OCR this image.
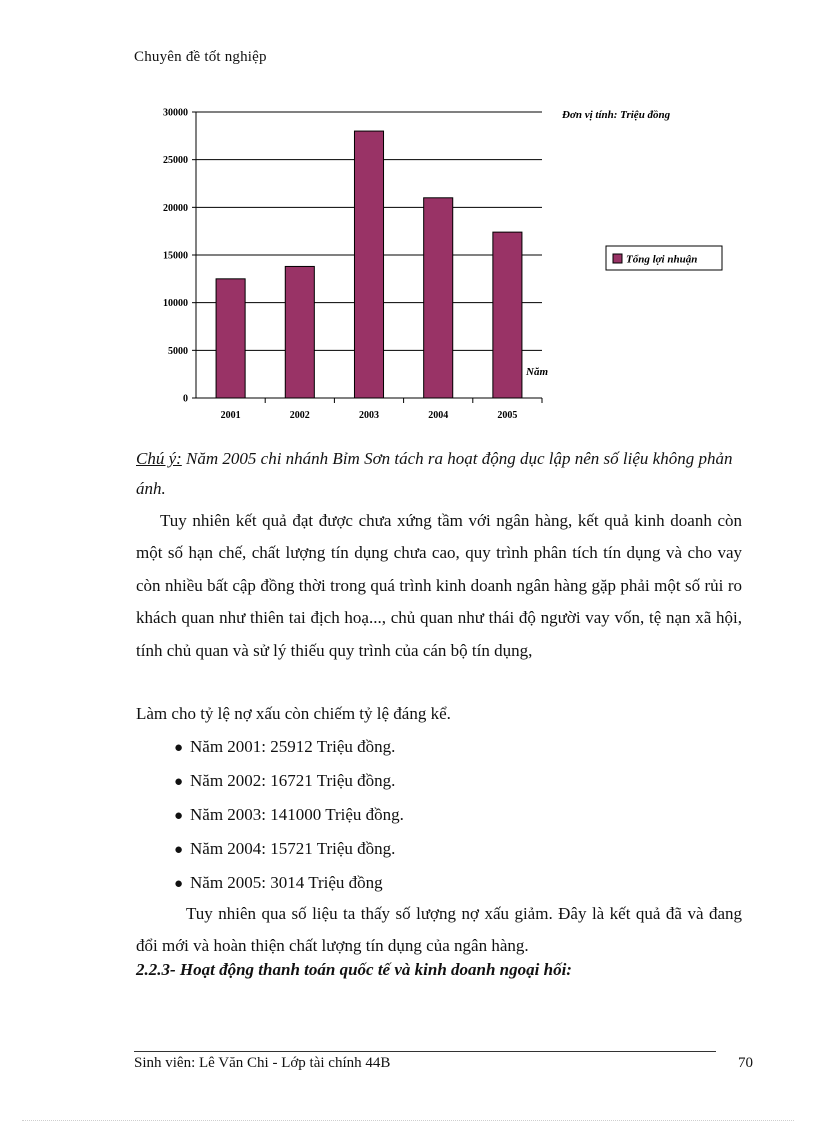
Chuyên đề tốt nghiệp
0
5000
10000
15000
20000
25000
30000
2001	2002	2003	2004	2005
Đơn vị tính: Triệu đồng
Năm
Tổng lợi nhuận
Chú ý: Năm 2005 chi nhánh Bỉm Sơn tách ra hoạt động dục lập nên số liệu không phản ánh.
Tuy nhiên kết quả đạt được chưa xứng tầm với ngân hàng, kết quả kinh doanh còn một số hạn chế, chất lượng tín dụng chưa cao, quy trình phân tích tín dụng và cho vay còn nhiều bất cập đồng thời trong quá trình kinh doanh ngân hàng gặp phải một số rủi ro khách quan như thiên tai địch hoạ..., chủ quan như thái độ người vay vốn, tệ nạn xã hội, tính chủ quan và sử lý thiếu quy trình của cán bộ tín dụng,
Làm cho tỷ lệ nợ xấu còn chiếm tỷ lệ đáng kể.
● Năm 2001: 25912 Triệu đồng.
● Năm 2002: 16721 Triệu đồng.
● Năm 2003: 141000 Triệu đồng.
● Năm 2004: 15721 Triệu đồng.
● Năm 2005: 3014 Triệu đồng
Tuy nhiên qua số liệu ta thấy số lượng nợ xấu giảm. Đây là kết quả đã và đang đổi mới và hoàn thiện chất lượng tín dụng của ngân hàng.
2.2.3- Hoạt động thanh toán quốc tế và kinh doanh ngoại hối:
Sinh viên: Lê Văn Chi - Lớp tài chính 44B	70
